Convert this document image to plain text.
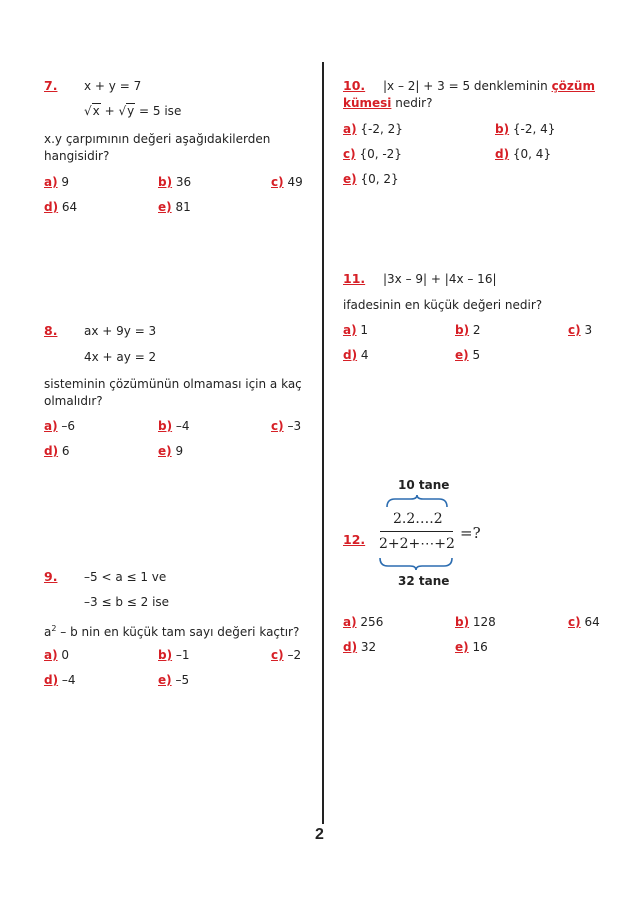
7. x + y = 7
√x + √y = 5 ise
x.y çarpımının değeri aşağıdakilerden
hangisidir?
a) 9	b) 36	c) 49
d) 64	e) 81
8. ax + 9y = 3
4x + ay = 2
sisteminin çözümünün olmaması için a kaç
olmalıdır?
a) –6	b) –4	c) –3
d) 6	e) 9
9. –5 < a ≤ 1 ve
–3 ≤ b ≤ 2 ise
$a^2$ – b nin en küçük tam sayı değeri kaçtır?
a) 0	b) –1	c) –2
d) –4	e) –5
2
10. |x – 2| + 3 = 5 denkleminin çözüm
kümesi nedir?
a) {-2, 2}	b) {-2, 4}
c) {0, -2}	d) {0, 4}
e) {0, 2}
11. |3x – 9| + |4x – 16|
ifadesinin en küçük değeri nedir?
a) 1	b) 2	c) 3
d) 4	e) 5
10 tane
12.
2.2….2
2+2+⋯+2
=?
32 tane
a) 256	b) 128	c) 64
d) 32	e) 16
